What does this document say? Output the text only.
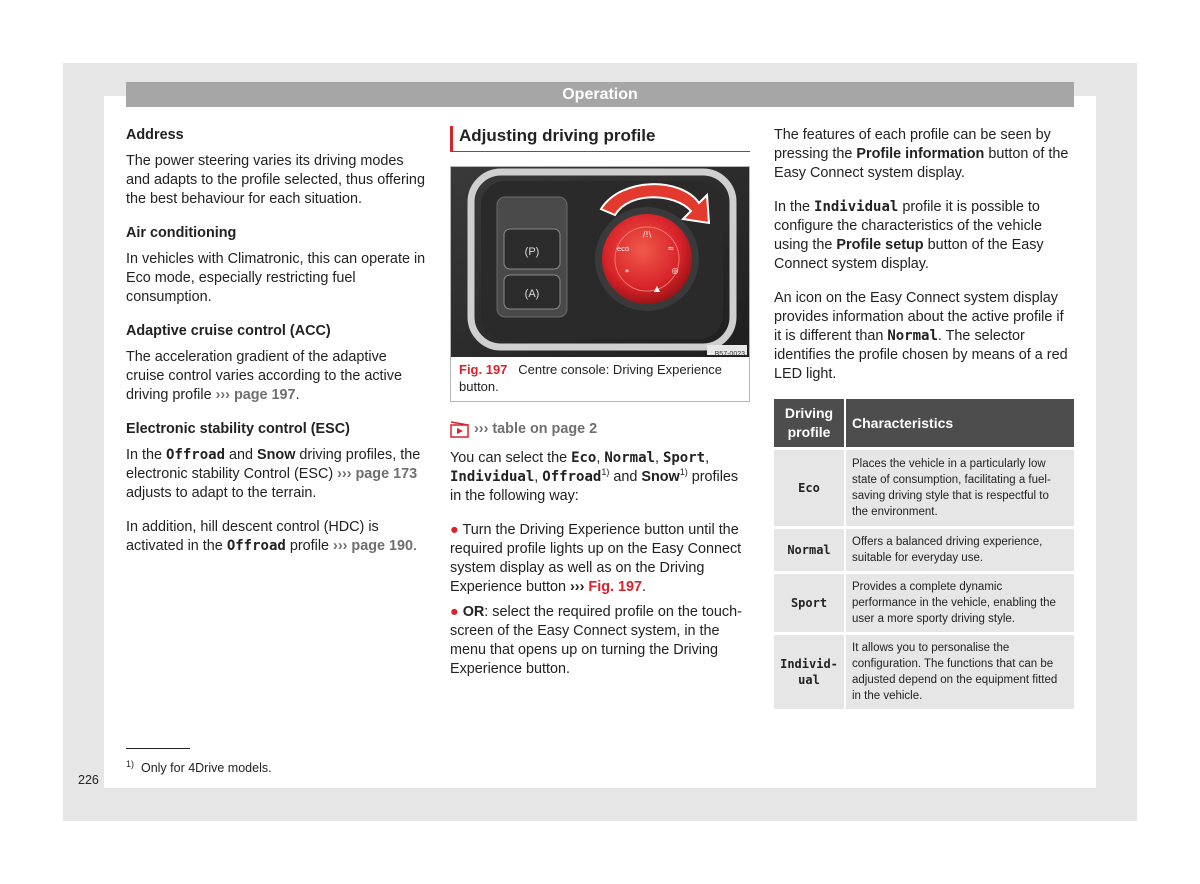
Operation
Address

The power steering varies its driving modes and adapts to the profile selected, thus offering the best behaviour for each situation.

Air conditioning

In vehicles with Climatronic, this can operate in Eco mode, especially restricting fuel consumption.

Adaptive cruise control (ACC)

The acceleration gradient of the adaptive cruise control varies according to the active driving profile ››› page 197.

Electronic stability control (ESC)

In the Offroad and Snow driving profiles, the electronic stability Control (ESC) ››› page 173 adjusts to adapt to the terrain.

In addition, hill descent control (HDC) is activated in the Offroad profile ››› page 190.

Adjusting driving profile
(P)
(A)
/!\
eco	≈
◎
*
▲
B57-0023
Fig. 197 Centre console: Driving Experience button.
››› table on page 2

You can select the Eco, Normal, Sport, Individual, Offroad$^{1)}$ and Snow$^{1)}$ profiles in the following way:

● Turn the Driving Experience button until the required profile lights up on the Easy Connect system display as well as on the Driving Experience button ››› Fig. 197.
● OR: select the required profile on the touch-screen of the Easy Connect system, in the menu that opens up on turning the Driving Experience button.

The features of each profile can be seen by pressing the Profile information button of the Easy Connect system display.

In the Individual profile it is possible to configure the characteristics of the vehicle using the Profile setup button of the Easy Connect system display.

An icon on the Easy Connect system display provides information about the active profile if it is different than Normal. The selector identifies the profile chosen by means of a red LED light.

Driving profile	Characteristics
Eco	Places the vehicle in a particularly low state of consumption, facilitating a fuel-saving driving style that is respectful to the environment.
Normal	Offers a balanced driving experience, suitable for everyday use.
Sport	Provides a complete dynamic performance in the vehicle, enabling the user a more sporty driving style.
Individ-ual	It allows you to personalise the configuration. The functions that can be adjusted depend on the equipment fitted in the vehicle.
$^{1)}$ Only for 4Drive models.
226
